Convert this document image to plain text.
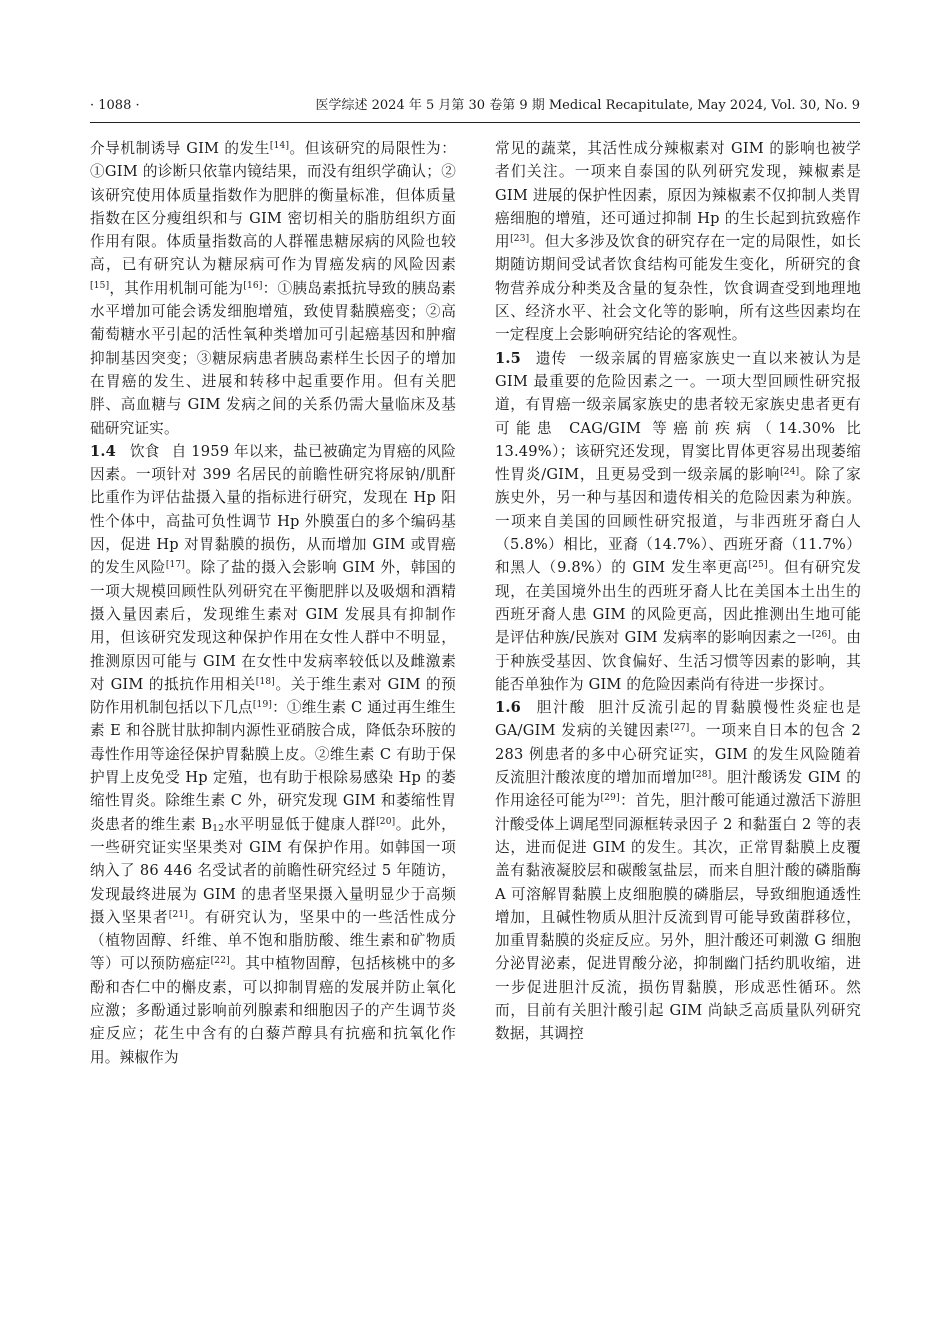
· 1088 ·	医学综述 2024 年 5 月第 30 卷第 9 期 Medical Recapitulate, May 2024, Vol. 30, No. 9

介导机制诱导 GIM 的发生[14]。但该研究的局限性为：①GIM 的诊断只依靠内镜结果，而没有组织学确认；②该研究使用体质量指数作为肥胖的衡量标准，但体质量指数在区分瘦组织和与 GIM 密切相关的脂肪组织方面作用有限。体质量指数高的人群罹患糖尿病的风险也较高，已有研究认为糖尿病可作为胃癌发病的风险因素[15]，其作用机制可能为[16]：①胰岛素抵抗导致的胰岛素水平增加可能会诱发细胞增殖，致使胃黏膜癌变；②高葡萄糖水平引起的活性氧种类增加可引起癌基因和肿瘤抑制基因突变；③糖尿病患者胰岛素样生长因子的增加在胃癌的发生、进展和转移中起重要作用。但有关肥胖、高血糖与 GIM 发病之间的关系仍需大量临床及基础研究证实。

1.4 饮食 自 1959 年以来，盐已被确定为胃癌的风险因素。一项针对 399 名居民的前瞻性研究将尿钠/肌酐比重作为评估盐摄入量的指标进行研究，发现在 Hp 阳性个体中，高盐可负性调节 Hp 外膜蛋白的多个编码基因，促进 Hp 对胃黏膜的损伤，从而增加 GIM 或胃癌的发生风险[17]。除了盐的摄入会影响 GIM 外，韩国的一项大规模回顾性队列研究在平衡肥胖以及吸烟和酒精摄入量因素后，发现维生素对 GIM 发展具有抑制作用，但该研究发现这种保护作用在女性人群中不明显，推测原因可能与 GIM 在女性中发病率较低以及雌激素对 GIM 的抵抗作用相关[18]。关于维生素对 GIM 的预防作用机制包括以下几点[19]：①维生素 C 通过再生维生素 E 和谷胱甘肽抑制内源性亚硝胺合成，降低杂环胺的毒性作用等途径保护胃黏膜上皮。②维生素 C 有助于保护胃上皮免受 Hp 定殖，也有助于根除易感染 Hp 的萎缩性胃炎。除维生素 C 外，研究发现 GIM 和萎缩性胃炎患者的维生素 $B_{12}$水平明显低于健康人群[20]。此外，一些研究证实坚果类对 GIM 有保护作用。如韩国一项纳入了 86 446 名受试者的前瞻性研究经过 5 年随访，发现最终进展为 GIM 的患者坚果摄入量明显少于高频摄入坚果者[21]。有研究认为，坚果中的一些活性成分（植物固醇、纤维、单不饱和脂肪酸、维生素和矿物质等）可以预防癌症[22]。其中植物固醇，包括核桃中的多酚和杏仁中的槲皮素，可以抑制胃癌的发展并防止氧化应激；多酚通过影响前列腺素和细胞因子的产生调节炎症反应；花生中含有的白藜芦醇具有抗癌和抗氧化作用。辣椒作为

常见的蔬菜，其活性成分辣椒素对 GIM 的影响也被学者们关注。一项来自泰国的队列研究发现，辣椒素是 GIM 进展的保护性因素，原因为辣椒素不仅抑制人类胃癌细胞的增殖，还可通过抑制 Hp 的生长起到抗致癌作用[23]。但大多涉及饮食的研究存在一定的局限性，如长期随访期间受试者饮食结构可能发生变化，所研究的食物营养成分种类及含量的复杂性，饮食调查受到地理地区、经济水平、社会文化等的影响，所有这些因素均在一定程度上会影响研究结论的客观性。

1.5 遗传 一级亲属的胃癌家族史一直以来被认为是 GIM 最重要的危险因素之一。一项大型回顾性研究报道，有胃癌一级亲属家族史的患者较无家族史患者更有可能患 CAG/GIM 等癌前疾病（14.30% 比 13.49%）；该研究还发现，胃窦比胃体更容易出现萎缩性胃炎/GIM，且更易受到一级亲属的影响[24]。除了家族史外，另一种与基因和遗传相关的危险因素为种族。一项来自美国的回顾性研究报道，与非西班牙裔白人（5.8%）相比，亚裔（14.7%）、西班牙裔（11.7%）和黑人（9.8%）的 GIM 发生率更高[25]。但有研究发现，在美国境外出生的西班牙裔人比在美国本土出生的西班牙裔人患 GIM 的风险更高，因此推测出生地可能是评估种族/民族对 GIM 发病率的影响因素之一[26]。由于种族受基因、饮食偏好、生活习惯等因素的影响，其能否单独作为 GIM 的危险因素尚有待进一步探讨。

1.6 胆汁酸 胆汁反流引起的胃黏膜慢性炎症也是 GA/GIM 发病的关键因素[27]。一项来自日本的包含 2 283 例患者的多中心研究证实，GIM 的发生风险随着反流胆汁酸浓度的增加而增加[28]。胆汁酸诱发 GIM 的作用途径可能为[29]：首先，胆汁酸可能通过激活下游胆汁酸受体上调尾型同源框转录因子 2 和黏蛋白 2 等的表达，进而促进 GIM 的发生。其次，正常胃黏膜上皮覆盖有黏液凝胶层和碳酸氢盐层，而来自胆汁酸的磷脂酶 A 可溶解胃黏膜上皮细胞膜的磷脂层，导致细胞通透性增加，且碱性物质从胆汁反流到胃可能导致菌群移位，加重胃黏膜的炎症反应。另外，胆汁酸还可刺激 G 细胞分泌胃泌素，促进胃酸分泌，抑制幽门括约肌收缩，进一步促进胆汁反流，损伤胃黏膜，形成恶性循环。然而，目前有关胆汁酸引起 GIM 尚缺乏高质量队列研究数据，其调控
